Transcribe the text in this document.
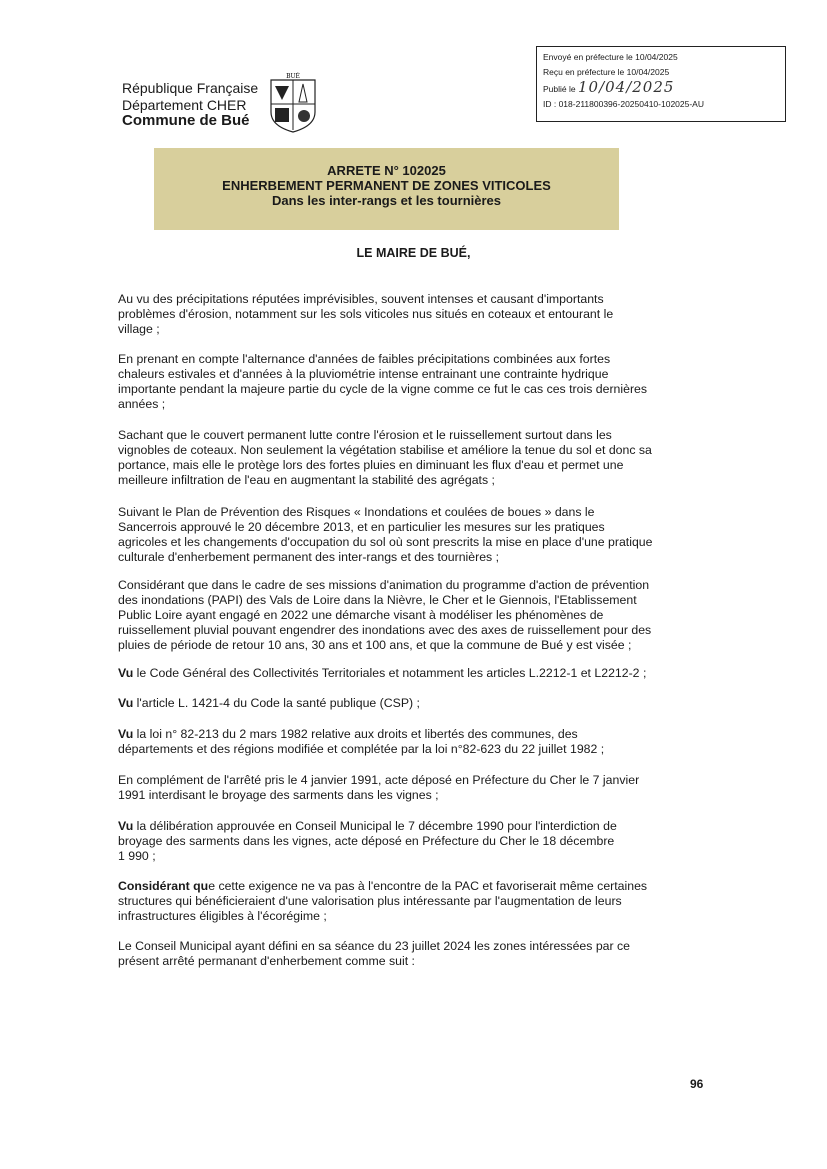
République Française
Département CHER
Commune de Bué
BUÉ
Envoyé en préfecture le 10/04/2025
Reçu en préfecture le 10/04/2025
Publié le 10/04/2025
ID : 018-211800396-20250410-102025-AU
ARRETE N° 102025
ENHERBEMENT PERMANENT DE ZONES VITICOLES
Dans les inter-rangs et les tournières
LE MAIRE DE BUÉ,
Au vu des précipitations réputées imprévisibles, souvent intenses et causant d'importants
problèmes d'érosion, notamment sur les sols viticoles nus situés en coteaux et entourant le
village ;
En prenant en compte l'alternance d'années de faibles précipitations combinées aux fortes
chaleurs estivales et d'années à la pluviométrie intense entrainant une contrainte hydrique
importante pendant la majeure partie du cycle de la vigne comme ce fut le cas ces trois dernières
années ;
Sachant que le couvert permanent lutte contre l'érosion et le ruissellement surtout dans les
vignobles de coteaux. Non seulement la végétation stabilise et améliore la tenue du sol et donc sa
portance, mais elle le protège lors des fortes pluies en diminuant les flux d'eau et permet une
meilleure infiltration de l'eau en augmentant la stabilité des agrégats ;
Suivant le Plan de Prévention des Risques « Inondations et coulées de boues » dans le
Sancerrois approuvé le 20 décembre 2013, et en particulier les mesures sur les pratiques
agricoles et les changements d'occupation du sol où sont prescrits la mise en place d'une pratique
culturale d'enherbement permanent des inter-rangs et des tournières ;
Considérant que dans le cadre de ses missions d'animation du programme d'action de prévention
des inondations (PAPI) des Vals de Loire dans la Nièvre, le Cher et le Giennois, l'Etablissement
Public Loire ayant engagé en 2022 une démarche visant à modéliser les phénomènes de
ruissellement pluvial pouvant engendrer des inondations avec des axes de ruissellement pour des
pluies de période de retour 10 ans, 30 ans et 100 ans, et que la commune de Bué y est visée ;
Vu le Code Général des Collectivités Territoriales et notamment les articles L.2212-1 et L2212-2 ;
Vu l'article L. 1421-4 du Code la santé publique (CSP) ;
Vu la loi n° 82-213 du 2 mars 1982 relative aux droits et libertés des communes, des
départements et des régions modifiée et complétée par la loi n°82-623 du 22 juillet 1982 ;
En complément de l'arrêté pris le 4 janvier 1991, acte déposé en Préfecture du Cher le 7 janvier
1991 interdisant le broyage des sarments dans les vignes ;
Vu la délibération approuvée en Conseil Municipal le 7 décembre 1990 pour l'interdiction de
broyage des sarments dans les vignes, acte déposé en Préfecture du Cher le 18 décembre
1 990 ;
Considérant que cette exigence ne va pas à l'encontre de la PAC et favoriserait même certaines
structures qui bénéficieraient d'une valorisation plus intéressante par l'augmentation de leurs
infrastructures éligibles à l'écorégime ;
Le Conseil Municipal ayant défini en sa séance du 23 juillet 2024 les zones intéressées par ce
présent arrêté permanant d'enherbement comme suit :
96
